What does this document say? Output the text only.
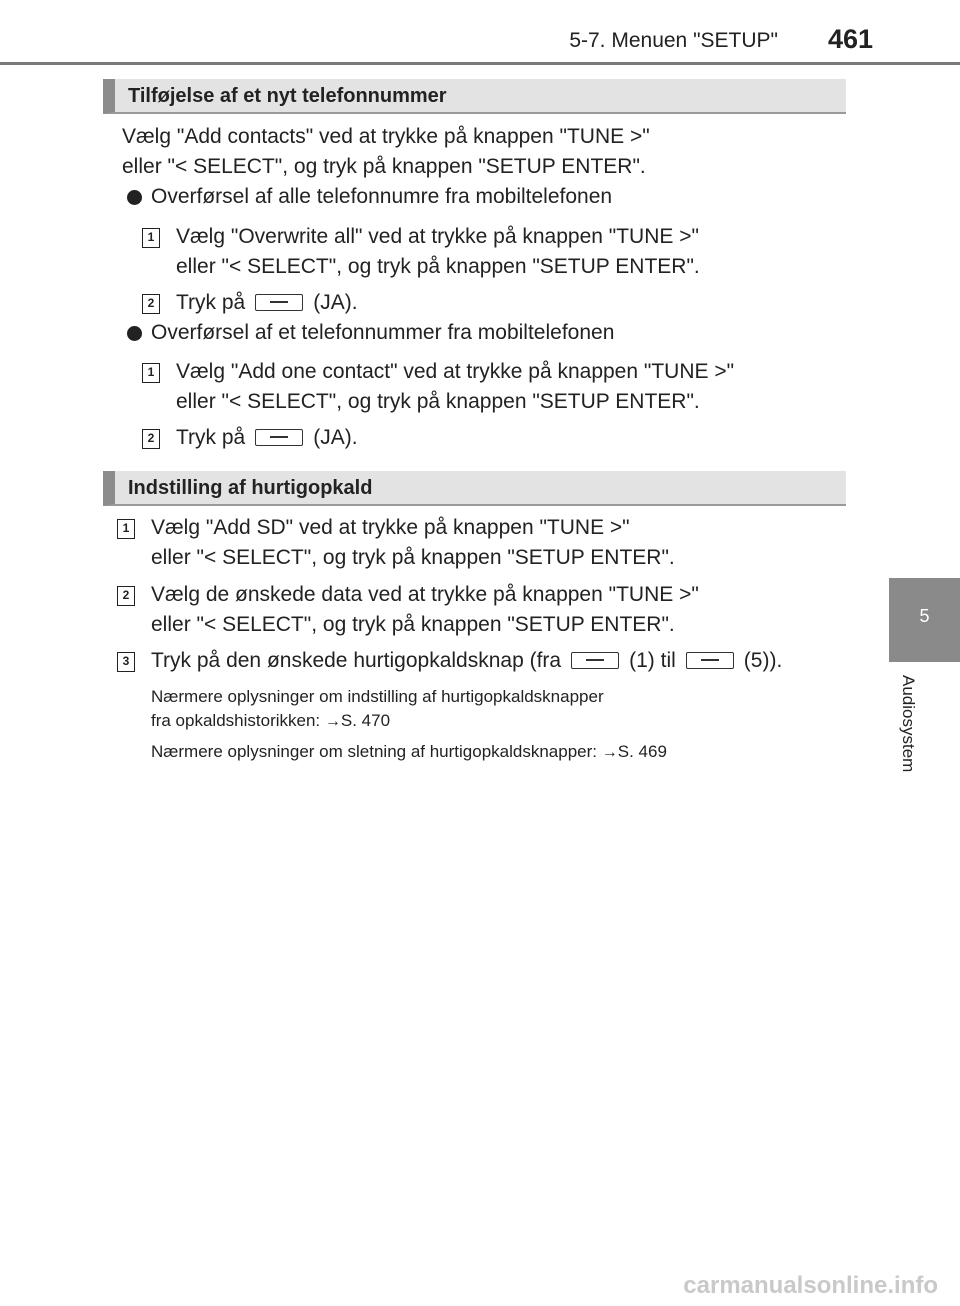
5-7. Menuen "SETUP" 461
5
Audiosystem
Tilføjelse af et nyt telefonnummer
Vælg "Add contacts" ved at trykke på knappen "TUNE >"
eller "< SELECT", og tryk på knappen "SETUP ENTER".
Overførsel af alle telefonnumre fra mobiltelefonen
1 Vælg "Overwrite all" ved at trykke på knappen "TUNE >"
eller "< SELECT", og tryk på knappen "SETUP ENTER".
2 Tryk på	(JA).
Overførsel af et telefonnummer fra mobiltelefonen
1 Vælg "Add one contact" ved at trykke på knappen "TUNE >"
eller "< SELECT", og tryk på knappen "SETUP ENTER".
2 Tryk på	(JA).
Indstilling af hurtigopkald
1 Vælg "Add SD" ved at trykke på knappen "TUNE >"
eller "< SELECT", og tryk på knappen "SETUP ENTER".
2 Vælg de ønskede data ved at trykke på knappen "TUNE >"
eller "< SELECT", og tryk på knappen "SETUP ENTER".
3 Tryk på den ønskede hurtigopkaldsknap (fra	(1) til	(5)).
Nærmere oplysninger om indstilling af hurtigopkaldsknapper
fra opkaldshistorikken: →S. 470
Nærmere oplysninger om sletning af hurtigopkaldsknapper: →S. 469
carmanualsonline.info
